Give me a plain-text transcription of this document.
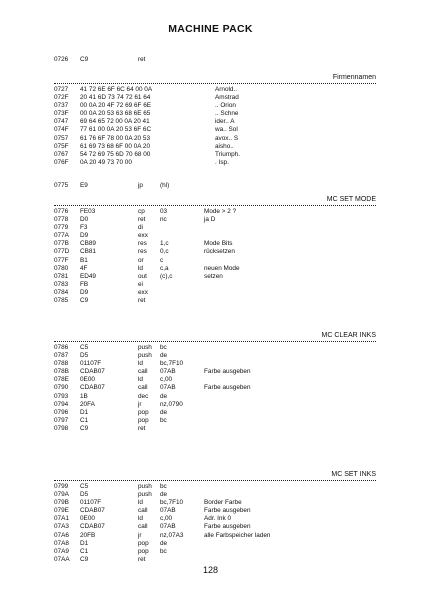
MACHINE PACK
0726 C9	ret
Firmennamen
0727 41 72 6E 6F 6C 64 00 0A	Arnold..
072F 20 41 6D 73 74 72 61 64	Amstrad
0737 00 0A 20 4F 72 69 6F 6E	.. Orion
073F 00 0A 20 53 63 68 6E 65	.. Schne
0747 69 64 65 72 00 0A 20 41	ider.. A
074F 77 61 00 0A 20 53 6F 6C	wa.. Sol
0757 61 76 6F 78 00 0A 20 53	avox.. S
075F 61 69 73 68 6F 00 0A 20	aisho..
0767 54 72 69 75 6D 70 68 00	Triumph.
076F 0A 20 49 73 70 00	. Isp.
0775 E9	jp	(hl)
MC SET MODE
0776 FE03	cp 03	Mode > 2 ?
0778 D0	ret nc	ja D
0779 F3	di
077A D9	exx
077B CB89	res 1,c	Mode Bits
077D CB81	res 0,c	rücksetzen
077F B1	or	c
0780 4F	ld	c,a	neuen Mode
0781 ED49	out (c),c	setzen
0783 FB	ei
0784 D9	exx
0785 C9	ret
MC CLEAR INKS
0786 C5	push bc
0787 D5	push de
0788 01107F	ld	bc,7F10
078B CDAB07	call 07AB	Farbe ausgeben
078E 0E00	ld	c,00
0790 CDAB07	call 07AB	Farbe ausgeben
0793 1B	dec de
0794 20FA	jr	nz,0790
0796 D1	pop de
0797 C1	pop bc
0798 C9	ret
MC SET INKS
0799 C5	push bc
079A D5	push de
079B 01107F	ld	bc,7F10	Border Farbe
079E CDAB07	call 07AB	Farbe ausgeben
07A1 0E00	ld	c,00	Adr. Ink 0
07A3 CDAB07	call 07AB	Farbe ausgeben
07A6 20FB	jr	nz,07A3	alle Farbspeicher laden
07A8 D1	pop de
07A9 C1	pop bc
07AA C9	ret
128
